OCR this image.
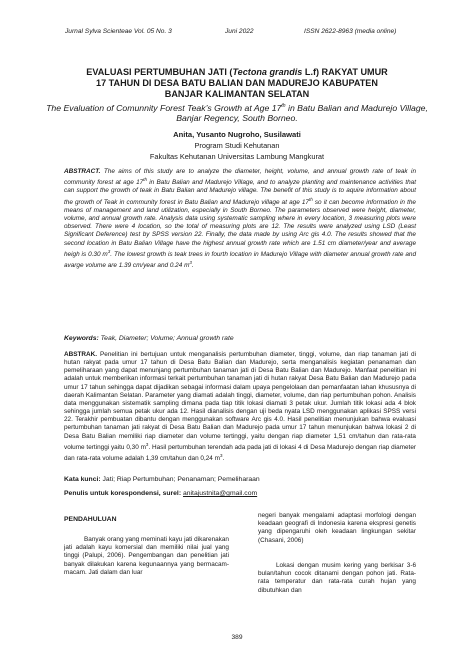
Jurnal Sylva Scienteae Vol. 05 No. 3	Juni 2022	ISSN 2622-8963 (media online)
EVALUASI PERTUMBUHAN JATI (Tectona grandis L.f) RAKYAT UMUR
17 TAHUN DI DESA BATU BALIAN DAN MADUREJO KABUPATEN
BANJAR KALIMANTAN SELATAN
The Evaluation of Comunnity Forest Teak’s Growth at Age 17th in Batu Balian and Madurejo Village, Banjar Regency, South Borneo.
Anita, Yusanto Nugroho, Susilawati
Program Studi Kehutanan
Fakultas Kehutanan Universitas Lambung Mangkurat
ABSTRACT. The aims of this study are to analyze the diameter, height, volume, and annual growth rate of teak in community forest at age 17th in Batu Balian and Madurejo Village, and to analyze planting and maintenance activities that can support the growth of teak in Batu Balian and Madurejo village. The benefit of this study is to aquire information about the growth of Teak in community forest in Batu Balian and Madurejo village at age 17th so it can become information in the means of management and land utilization, especially in South Borneo. The parameters observed were height, diameter, volume, and annual growth rate. Analysis data using systematic sampling where in every location, 3 measuring plots were observed. There were 4 location, so the total of measuring plots are 12. The results were analyzed using LSD (Least Significant Deference) test by SPSS version 22. Finally, the data made by using Arc gis 4.0. The results showed that the second location in Batu Balian Village have the highest annual growth rate which are 1.51 cm diameter/year and average heigh is 0.30 $m^3$. The lowest growth is teak trees in fourth location in Madurejo Village with diameter annual growth rate and avarge volume are 1.39 cm/year and 0.24 $m^3$.
Keywords: Teak, Diameter; Volume; Annual growth rate
ABSTRAK. Penelitian ini bertujuan untuk menganalisis pertumbuhan diameter, tinggi, volume, dan riap tanaman jati di hutan rakyat pada umur 17 tahun di Desa Batu Balian dan Madurejo, serta menganalisis kegiatan penanaman dan pemeliharaan yang dapat menunjang pertumbuhan tanaman jati di Desa Batu Balian dan Madurejo. Manfaat penelitian ini adalah untuk memberikan informasi terkait pertumbuhan tanaman jati di hutan rakyat Desa Batu Balian dan Madurejo pada umur 17 tahun sehingga dapat dijadikan sebagai informasi dalam upaya pengelolaan dan pemanfaatan lahan khususnya di daerah Kalimantan Selatan. Parameter yang diamati adalah tinggi, diameter, volume, dan riap pertumbuhan pohon. Analisis data menggunakan sistematik sampling dimana pada tiap titik lokasi diamati 3 petak ukur. Jumlah titik lokasi ada 4 blok sehingga jumlah semua petak ukur ada 12. Hasil dianalisis dengan uji beda nyata LSD menggunakan aplikasi SPSS versi 22. Terakhir pembuatan dibantu dengan menggunakan software Arc gis 4.0. Hasil penelitian menunjukan bahwa evaluasi pertumbuhan tanaman jati rakyat di Desa Batu Balian dan Madurejo pada umur 17 tahun menunjukan bahwa lokasi 2 di Desa Batu Balian memiliki riap diameter dan volume tertinggi, yaitu dengan riap diameter 1,51 cm/tahun dan rata-rata volume tertinggi yaitu 0,30 $m^3$. Hasil pertumbuhan terendah ada pada jati di lokasi 4 di Desa Madurejo dengan riap diameter dan rata-rata volume adalah 1,39 cm/tahun dan 0,24 $m^3$.
Kata kunci: Jati; Riap Pertumbuhan; Penanaman; Pemeliharaan
Penulis untuk korespondensi, surel: anitajustnita@gmail.com
PENDAHULUAN
Banyak orang yang meminati kayu jati dikarenakan jati adalah kayu komersial dan memiliki nilai jual yang tinggi (Palupi, 2006). Pengembangan dan penelitian jati banyak dilakukan karena kegunaannya yang bermacam-macam. Jati dalam dan luar
negeri banyak mengalami adaptasi morfologi dengan keadaan geografi di Indonesia karena ekspresi genetis yang dipengaruhi oleh keadaan lingkungan sekitar (Chasani, 2006)
Lokasi dengan musim kering yang berkisar 3-6 bulan/tahun cocok ditanami dengan pohon jati. Rata-rata temperatur dan rata-rata curah hujan yang dibutuhkan dan
389
